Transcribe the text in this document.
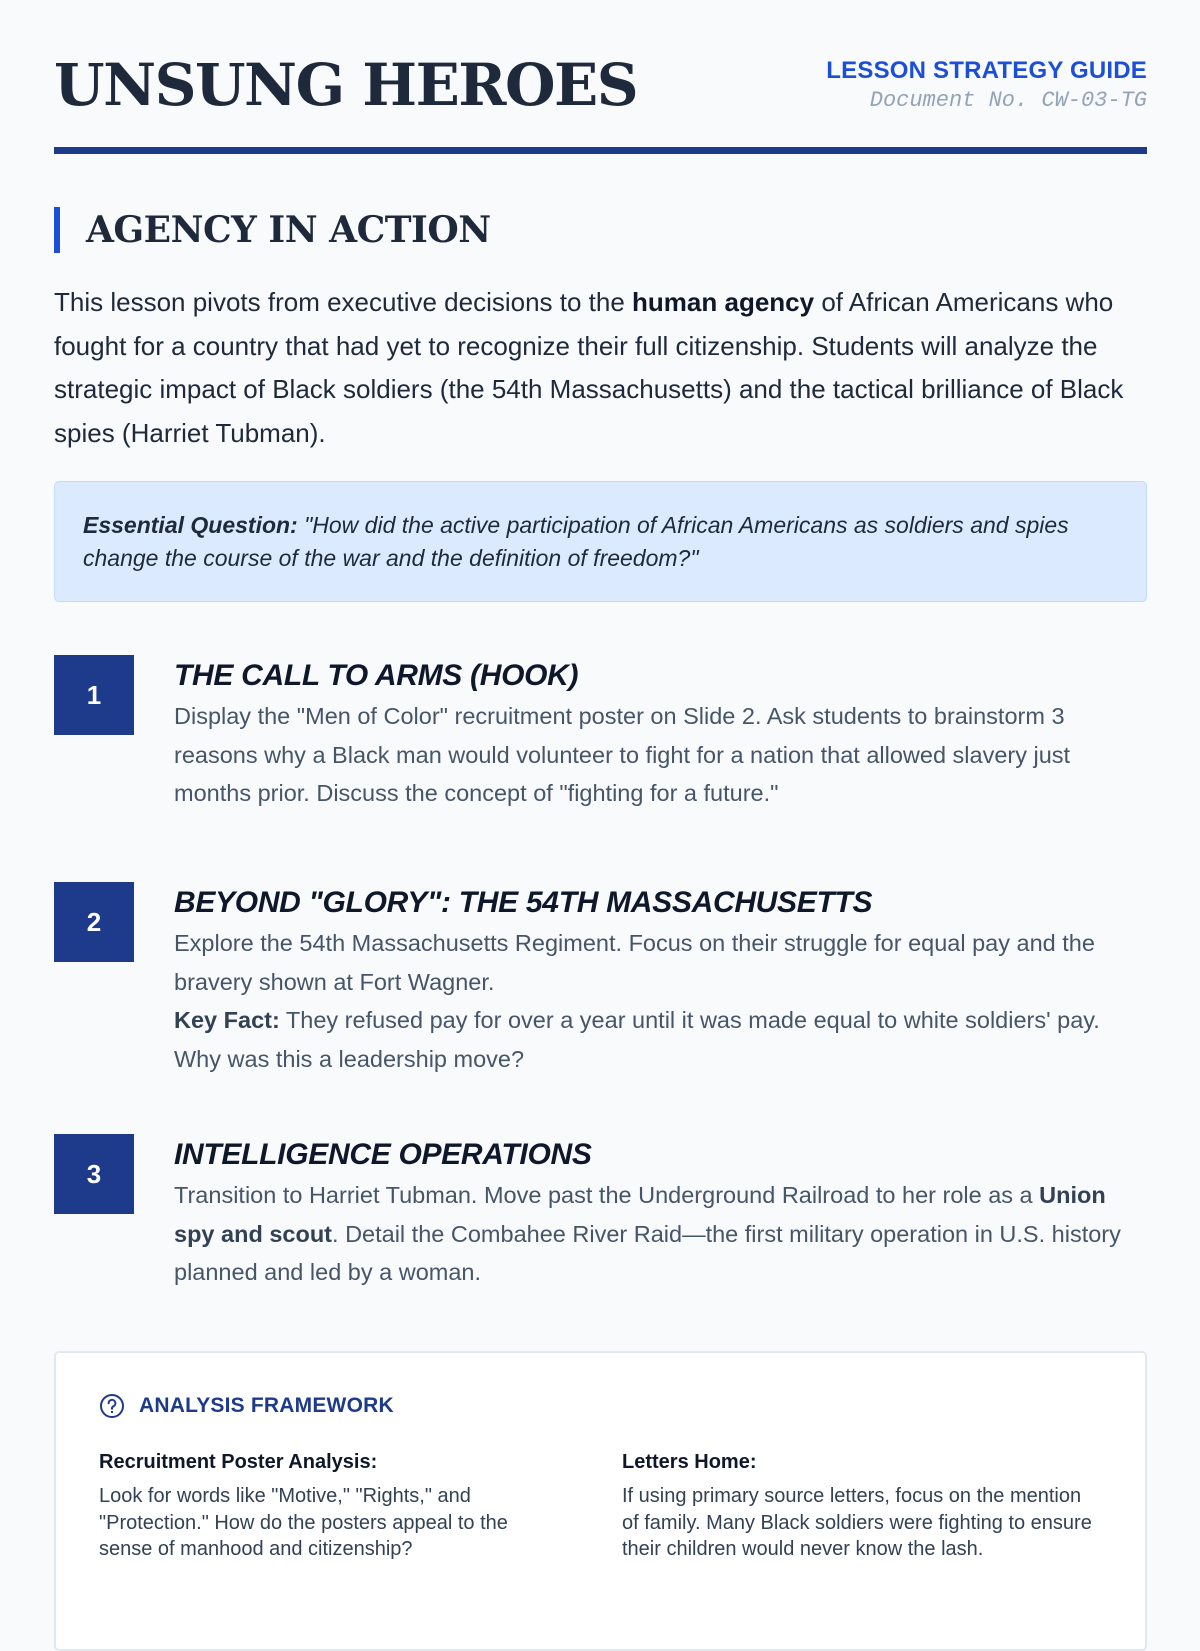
UNSUNG HEROES	LESSON STRATEGY GUIDE
Document No. CW-03-TG
AGENCY IN ACTION

This lesson pivots from executive decisions to the human agency of African Americans who fought for a country that had yet to recognize their full citizenship. Students will analyze the strategic impact of Black soldiers (the 54th Massachusetts) and the tactical brilliance of Black spies (Harriet Tubman).

Essential Question: "How did the active participation of African Americans as soldiers and spies change the course of the war and the definition of freedom?"
1
THE CALL TO ARMS (HOOK)

Display the "Men of Color" recruitment poster on Slide 2. Ask students to brainstorm 3 reasons why a Black man would volunteer to fight for a nation that allowed slavery just months prior. Discuss the concept of "fighting for a future."

2
BEYOND "GLORY": THE 54TH MASSACHUSETTS

Explore the 54th Massachusetts Regiment. Focus on their struggle for equal pay and the bravery shown at Fort Wagner.
Key Fact: They refused pay for over a year until it was made equal to white soldiers' pay. Why was this a leadership move?

3
INTELLIGENCE OPERATIONS

Transition to Harriet Tubman. Move past the Underground Railroad to her role as a Union spy and scout. Detail the Combahee River Raid—the first military operation in U.S. history planned and led by a woman.

ANALYSIS FRAMEWORK
Recruitment Poster Analysis:
Look for words like "Motive," "Rights," and "Protection." How do the posters appeal to the sense of manhood and citizenship?
Letters Home:
If using primary source letters, focus on the mention of family. Many Black soldiers were fighting to ensure their children would never know the lash.
